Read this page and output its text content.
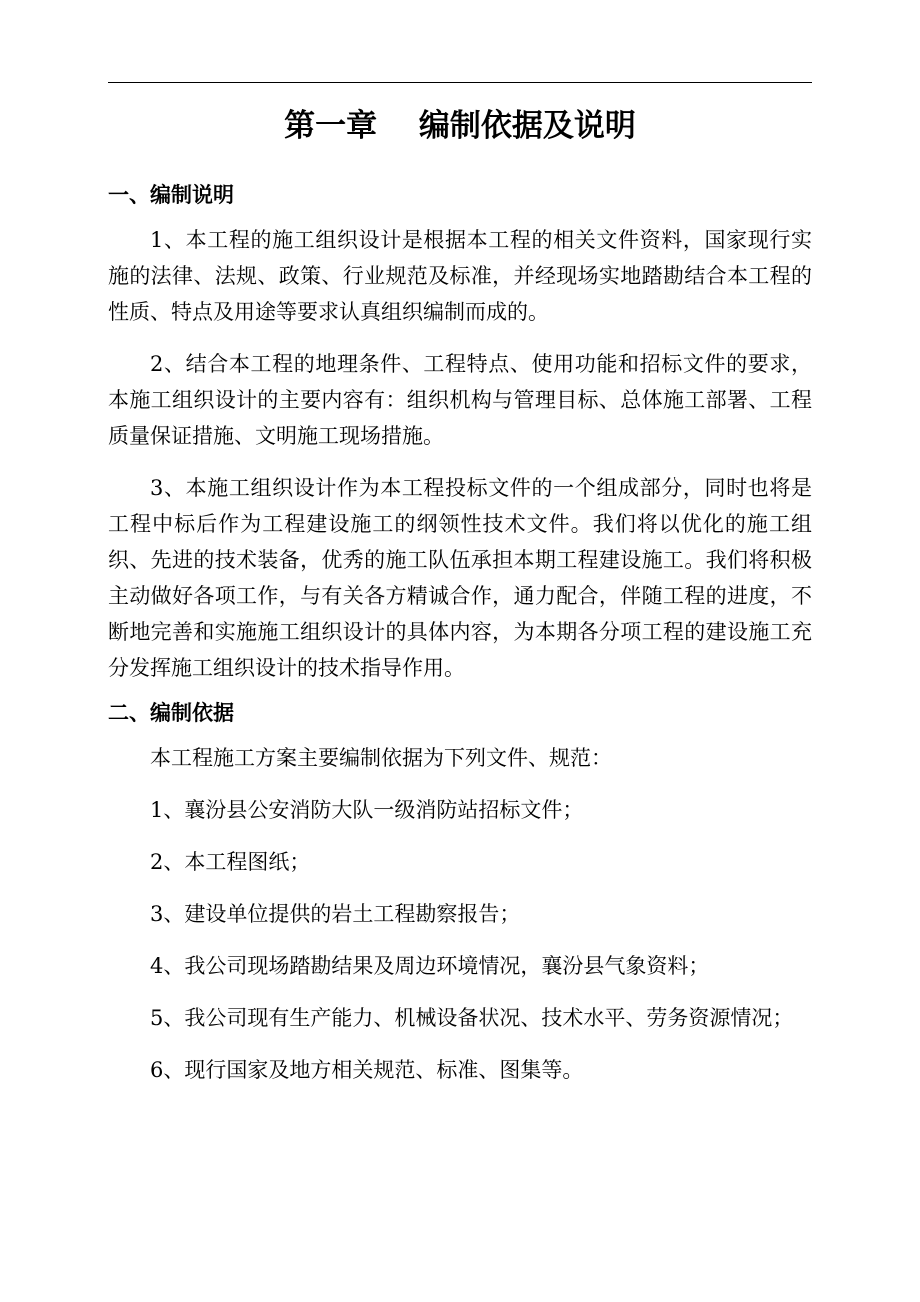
第一章　 编制依据及说明
一、编制说明

1、本工程的施工组织设计是根据本工程的相关文件资料，国家现行实施的法律、法规、政策、行业规范及标准，并经现场实地踏勘结合本工程的性质、特点及用途等要求认真组织编制而成的。

2、结合本工程的地理条件、工程特点、使用功能和招标文件的要求，本施工组织设计的主要内容有：组织机构与管理目标、总体施工部署、工程质量保证措施、文明施工现场措施。

3、本施工组织设计作为本工程投标文件的一个组成部分，同时也将是工程中标后作为工程建设施工的纲领性技术文件。我们将以优化的施工组织、先进的技术装备，优秀的施工队伍承担本期工程建设施工。我们将积极主动做好各项工作，与有关各方精诚合作，通力配合，伴随工程的进度，不断地完善和实施施工组织设计的具体内容，为本期各分项工程的建设施工充分发挥施工组织设计的技术指导作用。

二、编制依据

本工程施工方案主要编制依据为下列文件、规范：

1、襄汾县公安消防大队一级消防站招标文件；

2、本工程图纸；

3、建设单位提供的岩土工程勘察报告；

4、我公司现场踏勘结果及周边环境情况，襄汾县气象资料；

5、我公司现有生产能力、机械设备状况、技术水平、劳务资源情况；

6、现行国家及地方相关规范、标准、图集等。
